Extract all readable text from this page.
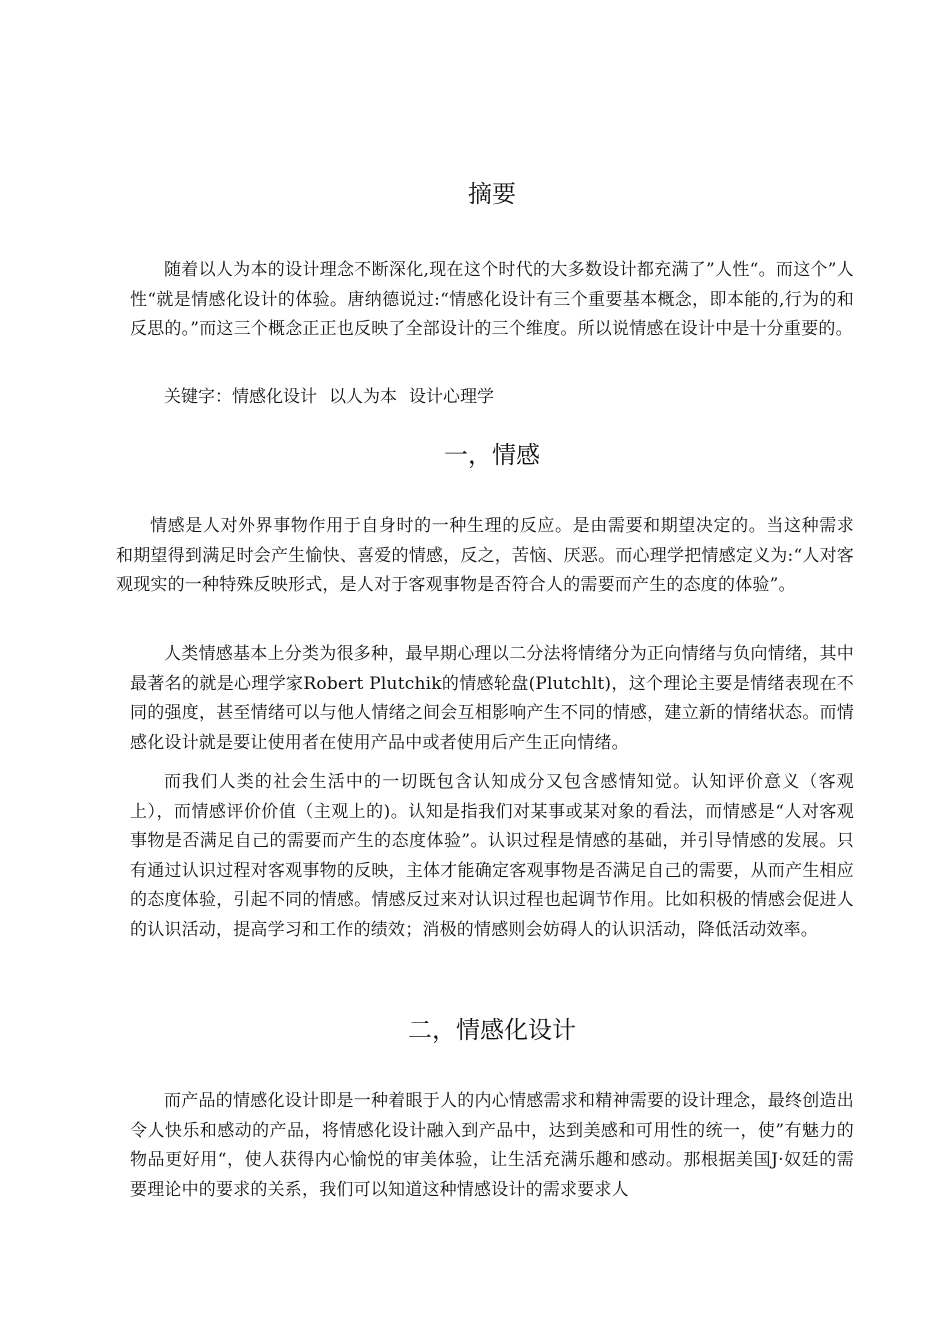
摘要

随着以人为本的设计理念不断深化,现在这个时代的大多数设计都充满了”人性“。而这个”人性“就是情感化设计的体验。唐纳德说过:“情感化设计有三个重要基本概念，即本能的,行为的和反思的。”而这三个概念正正也反映了全部设计的三个维度。所以说情感在设计中是十分重要的。

关键字：情感化设计 以人为本 设计心理学

一，情感

情感是人对外界事物作用于自身时的一种生理的反应。是由需要和期望决定的。当这种需求和期望得到满足时会产生愉快、喜爱的情感，反之，苦恼、厌恶。而心理学把情感定义为:“人对客观现实的一种特殊反映形式，是人对于客观事物是否符合人的需要而产生的态度的体验”。

人类情感基本上分类为很多种，最早期心理以二分法将情绪分为正向情绪与负向情绪，其中最著名的就是心理学家Robert Plutchik的情感轮盘(Plutchlt)，这个理论主要是情绪表现在不同的强度，甚至情绪可以与他人情绪之间会互相影响产生不同的情感，建立新的情绪状态。而情感化设计就是要让使用者在使用产品中或者使用后产生正向情绪。

而我们人类的社会生活中的一切既包含认知成分又包含感情知觉。认知评价意义（客观上），而情感评价价值（主观上的)。认知是指我们对某事或某对象的看法，而情感是“人对客观事物是否满足自己的需要而产生的态度体验”。认识过程是情感的基础，并引导情感的发展。只有通过认识过程对客观事物的反映，主体才能确定客观事物是否满足自己的需要，从而产生相应的态度体验，引起不同的情感。情感反过来对认识过程也起调节作用。比如积极的情感会促进人的认识活动，提高学习和工作的绩效；消极的情感则会妨碍人的认识活动，降低活动效率。

二，情感化设计

而产品的情感化设计即是一种着眼于人的内心情感需求和精神需要的设计理念，最终创造出令人快乐和感动的产品，将情感化设计融入到产品中，达到美感和可用性的统一，使”有魅力的物品更好用“，使人获得内心愉悦的审美体验，让生活充满乐趣和感动。那根据美国J·奴廷的需要理论中的要求的关系，我们可以知道这种情感设计的需求要求人
